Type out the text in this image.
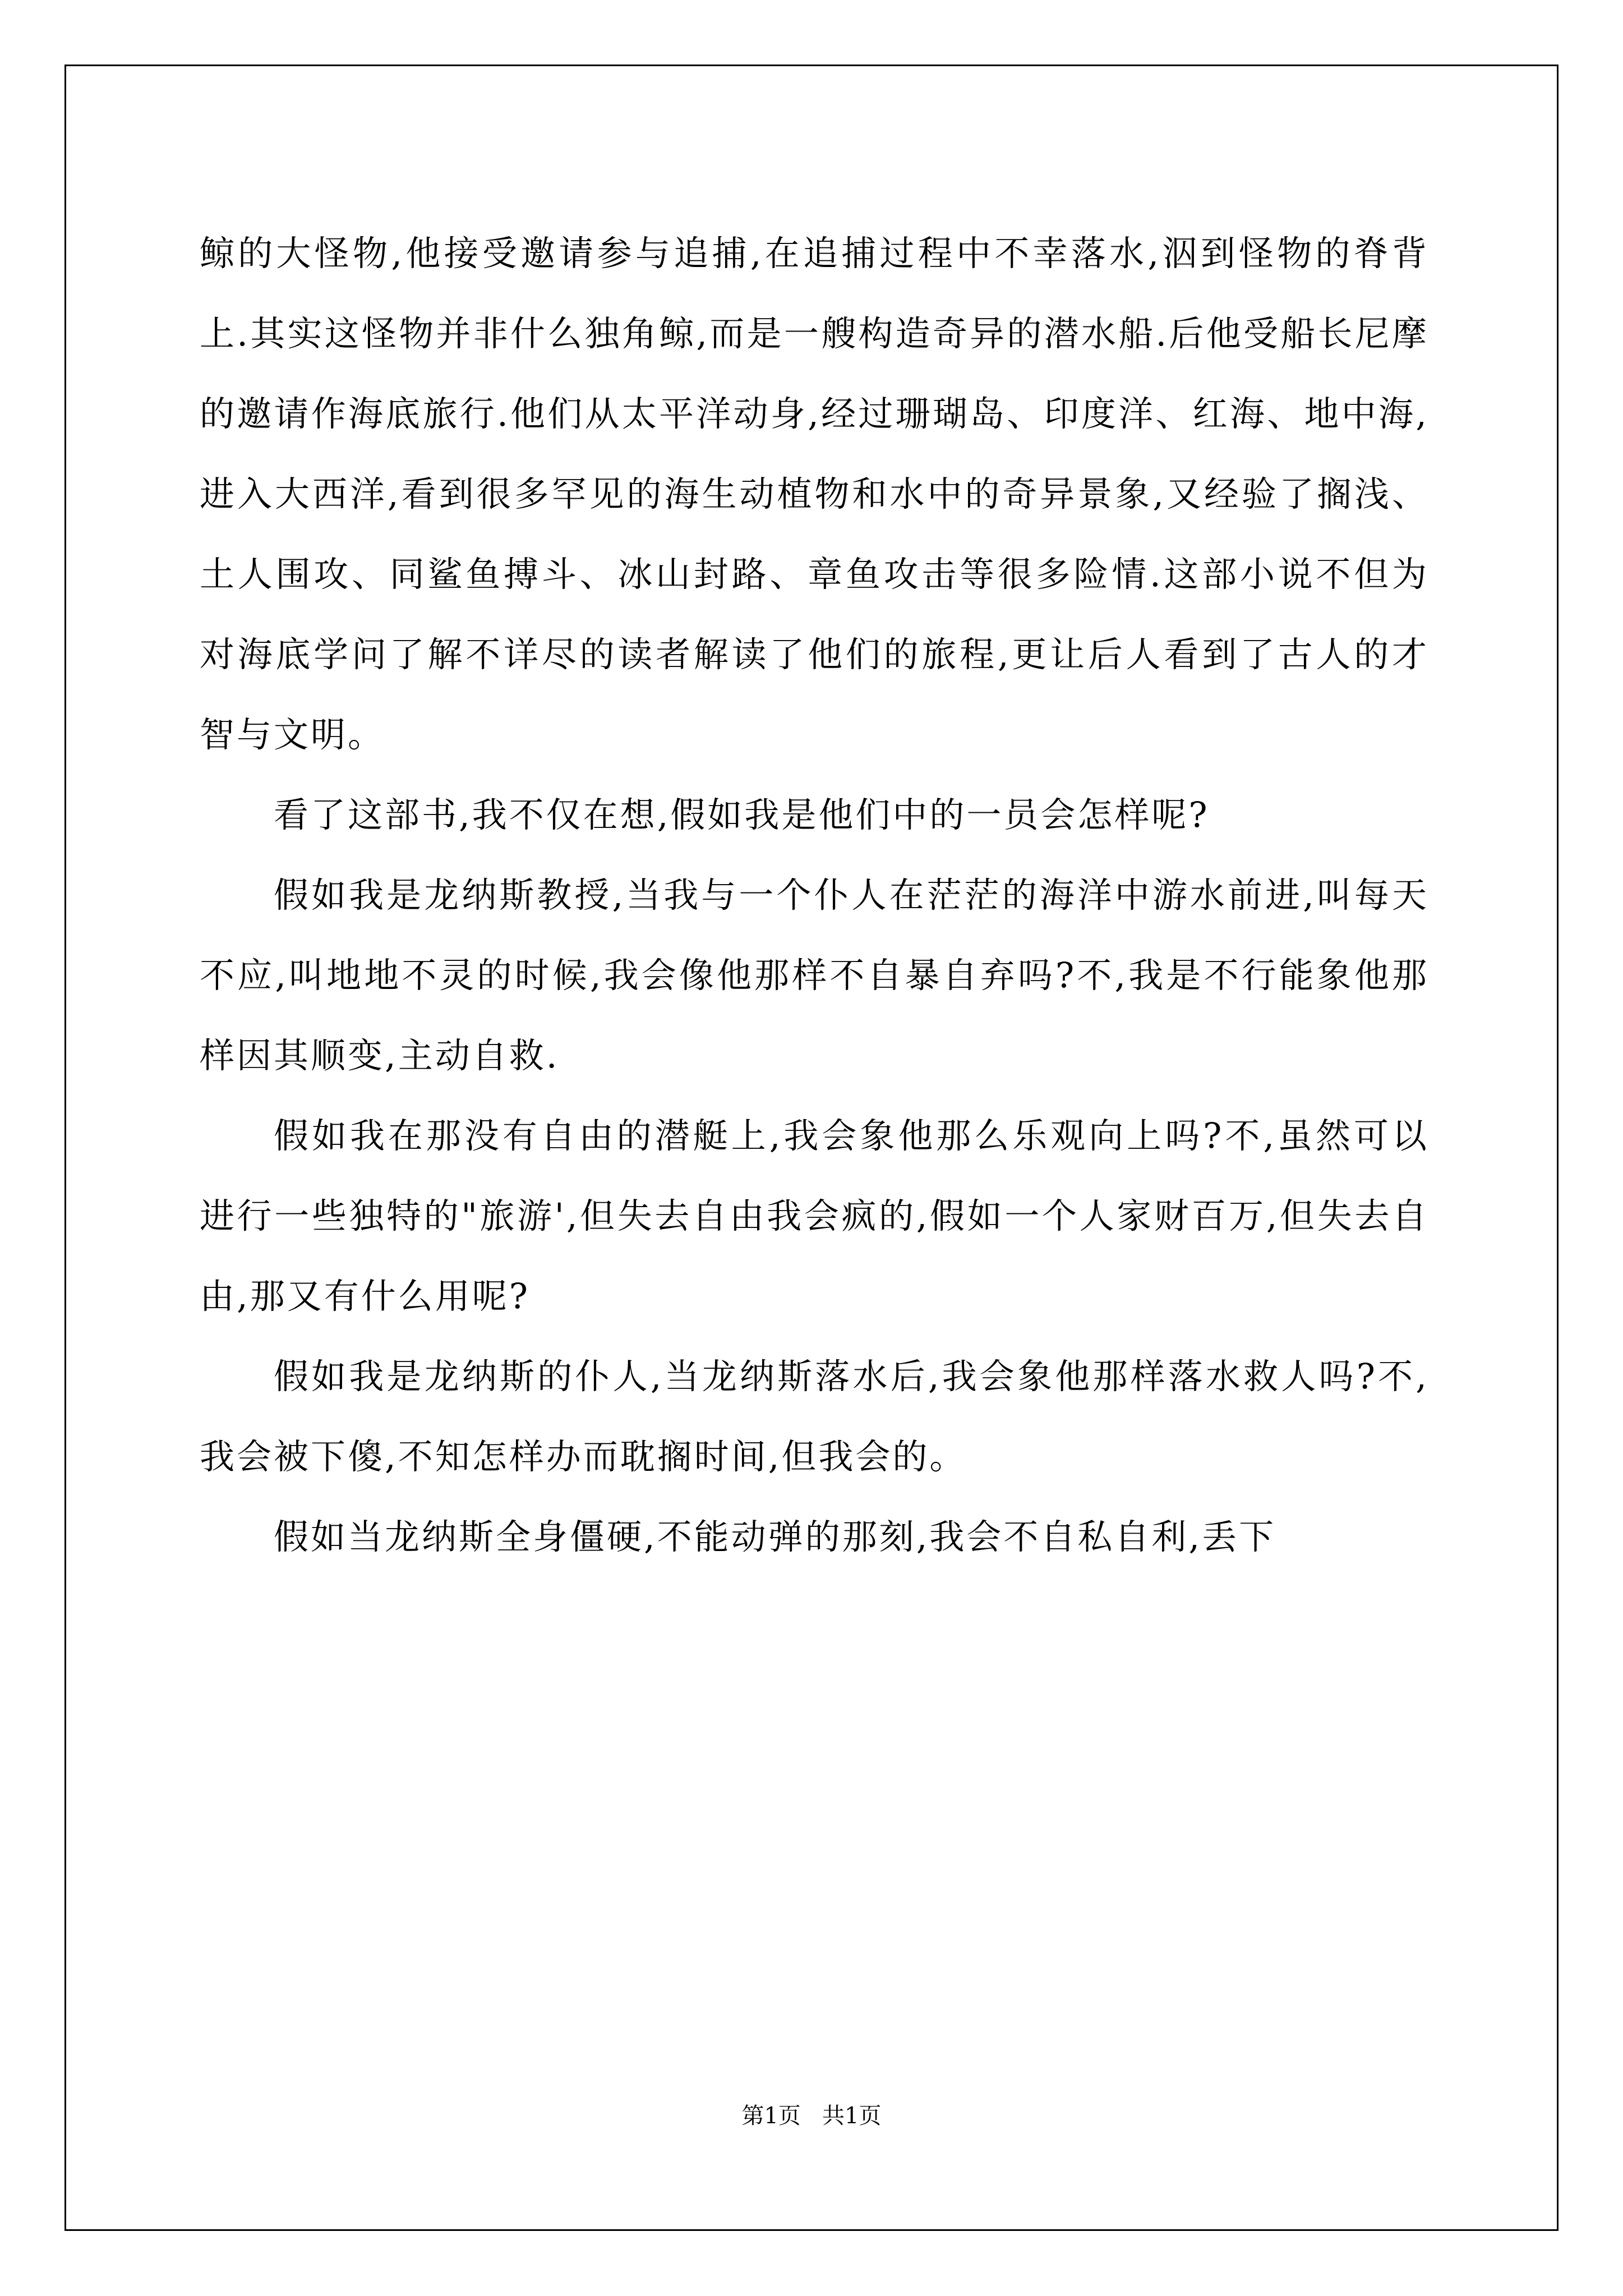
鲸的大怪物,他接受邀请参与追捕,在追捕过程中不幸落水,泅到怪物的脊背上.其实这怪物并非什么独角鲸,而是一艘构造奇异的潜水船.后他受船长尼摩的邀请作海底旅行.他们从太平洋动身,经过珊瑚岛、印度洋、红海、地中海,进入大西洋,看到很多罕见的海生动植物和水中的奇异景象,又经验了搁浅、土人围攻、同鲨鱼搏斗、冰山封路、章鱼攻击等很多险情.这部小说不但为对海底学问了解不详尽的读者解读了他们的旅程,更让后人看到了古人的才智与文明。

看了这部书,我不仅在想,假如我是他们中的一员会怎样呢?

假如我是龙纳斯教授,当我与一个仆人在茫茫的海洋中游水前进,叫每天不应,叫地地不灵的时候,我会像他那样不自暴自弃吗?不,我是不行能象他那样因其顺变,主动自救.

假如我在那没有自由的潜艇上,我会象他那么乐观向上吗?不,虽然可以进行一些独特的"旅游',但失去自由我会疯的,假如一个人家财百万,但失去自由,那又有什么用呢?

假如我是龙纳斯的仆人,当龙纳斯落水后,我会象他那样落水救人吗?不,我会被下傻,不知怎样办而耽搁时间,但我会的。

假如当龙纳斯全身僵硬,不能动弹的那刻,我会不自私自利,丢下

第1页   共1页
